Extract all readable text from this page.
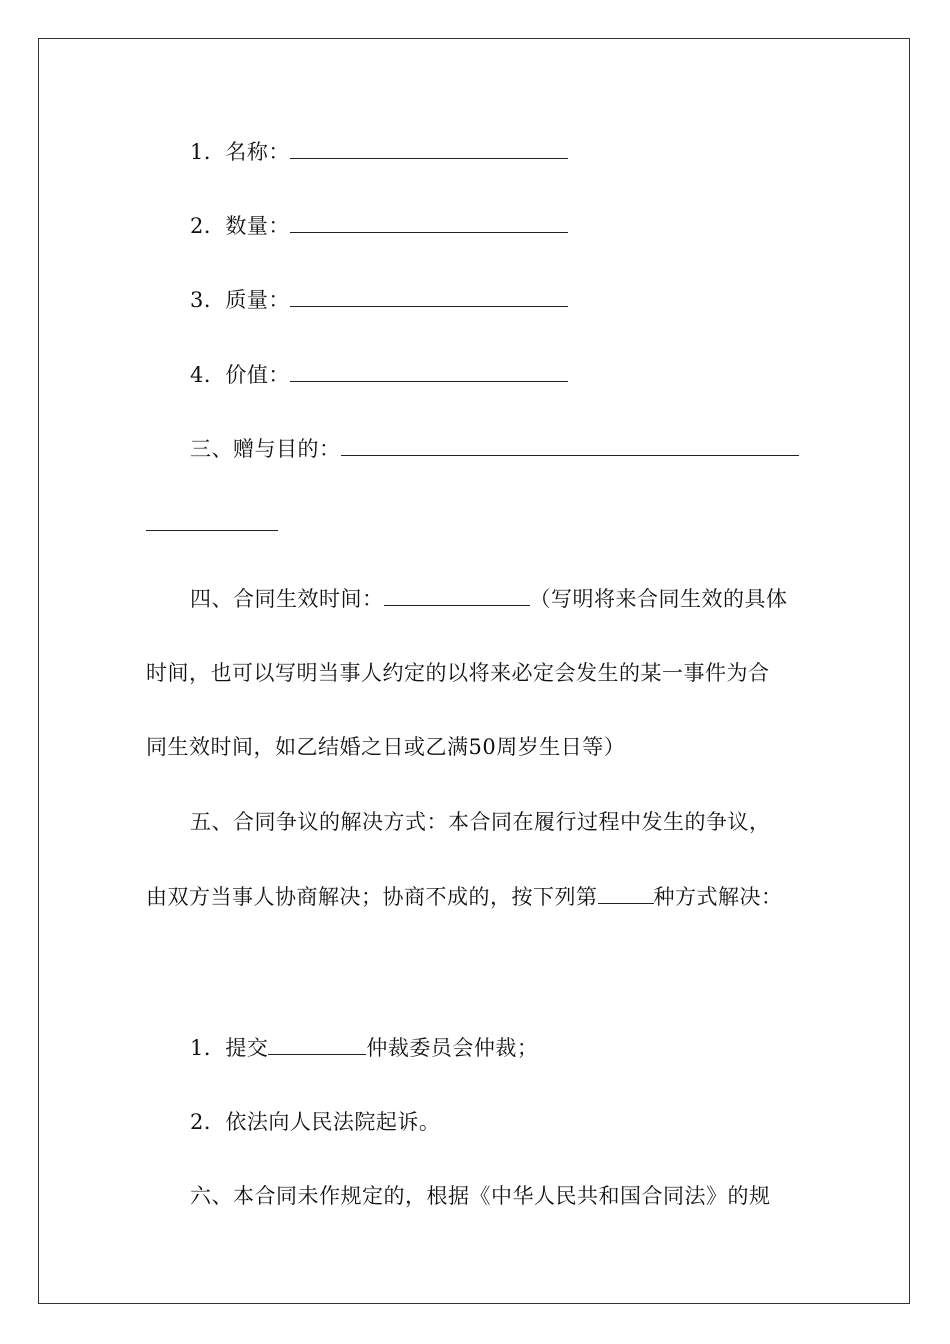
1．名称：
2．数量：
3．质量：
4．价值：
三、赠与目的：
四、合同生效时间：	（写明将来合同生效的具体
时间，也可以写明当事人约定的以将来必定会发生的某一事件为合
同生效时间，如乙结婚之日或乙满50周岁生日等）
五、合同争议的解决方式：本合同在履行过程中发生的争议，
由双方当事人协商解决；协商不成的，按下列第	种方式解决：
1．提交	仲裁委员会仲裁；
2．依法向人民法院起诉。
六、本合同未作规定的，根据《中华人民共和国合同法》的规
